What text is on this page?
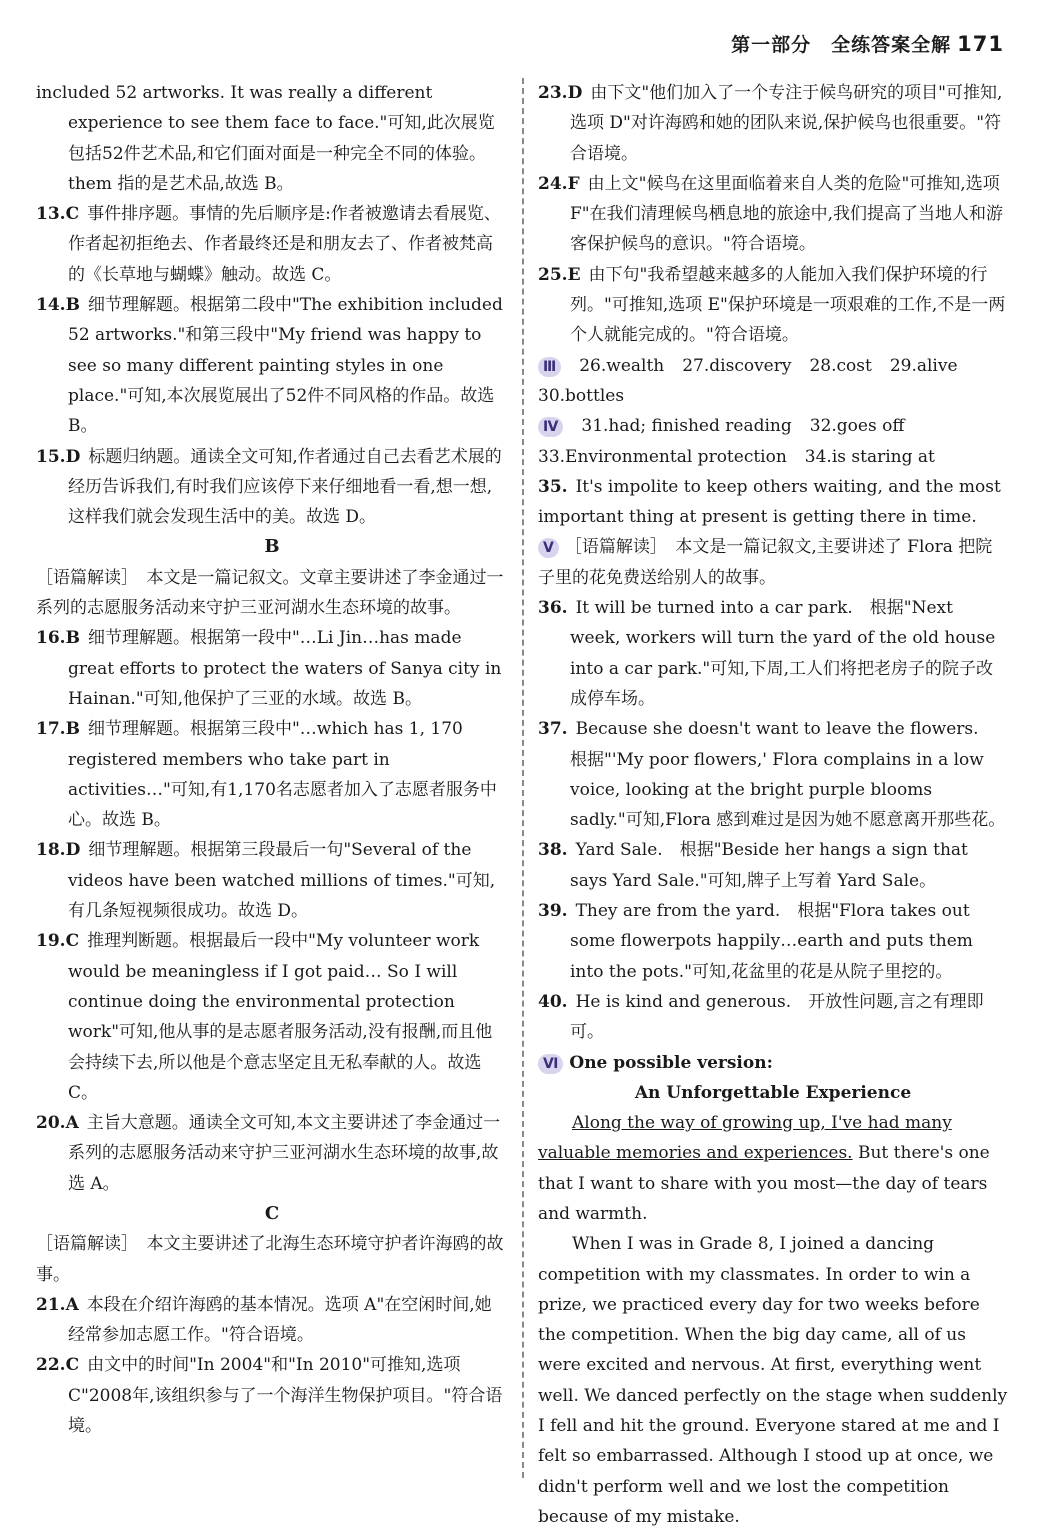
第一部分　全练答案全解 171
included 52 artworks. It was really a different experience to see them face to face."可知,此次展览包括52件艺术品,和它们面对面是一种完全不同的体验。them 指的是艺术品,故选 B。
13.C 事件排序题。事情的先后顺序是:作者被邀请去看展览、作者起初拒绝去、作者最终还是和朋友去了、作者被梵高的《长草地与蝴蝶》触动。故选 C。
14.B 细节理解题。根据第二段中"The exhibition included 52 artworks."和第三段中"My friend was happy to see so many different painting styles in one place."可知,本次展览展出了52件不同风格的作品。故选 B。
15.D 标题归纳题。通读全文可知,作者通过自己去看艺术展的经历告诉我们,有时我们应该停下来仔细地看一看,想一想,这样我们就会发现生活中的美。故选 D。
B
［语篇解读］　本文是一篇记叙文。文章主要讲述了李金通过一系列的志愿服务活动来守护三亚河湖水生态环境的故事。
16.B 细节理解题。根据第一段中"…Li Jin…has made great efforts to protect the waters of Sanya city in Hainan."可知,他保护了三亚的水域。故选 B。
17.B 细节理解题。根据第三段中"…which has 1, 170 registered members who take part in activities…"可知,有1,170名志愿者加入了志愿者服务中心。故选 B。
18.D 细节理解题。根据第三段最后一句"Several of the videos have been watched millions of times."可知,有几条短视频很成功。故选 D。
19.C 推理判断题。根据最后一段中"My volunteer work would be meaningless if I got paid… So I will continue doing the environmental protection work"可知,他从事的是志愿者服务活动,没有报酬,而且他会持续下去,所以他是个意志坚定且无私奉献的人。故选 C。
20.A 主旨大意题。通读全文可知,本文主要讲述了李金通过一系列的志愿服务活动来守护三亚河湖水生态环境的故事,故选 A。
C
［语篇解读］　本文主要讲述了北海生态环境守护者许海鸥的故事。
21.A 本段在介绍许海鸥的基本情况。选项 A"在空闲时间,她经常参加志愿工作。"符合语境。
22.C 由文中的时间"In 2004"和"In 2010"可推知,选项 C"2008年,该组织参与了一个海洋生物保护项目。"符合语境。
23.D 由下文"他们加入了一个专注于候鸟研究的项目"可推知,选项 D"对许海鸥和她的团队来说,保护候鸟也很重要。"符合语境。
24.F 由上文"候鸟在这里面临着来自人类的危险"可推知,选项 F"在我们清理候鸟栖息地的旅途中,我们提高了当地人和游客保护候鸟的意识。"符合语境。
25.E 由下句"我希望越来越多的人能加入我们保护环境的行列。"可推知,选项 E"保护环境是一项艰难的工作,不是一两个人就能完成的。"符合语境。
Ⅲ 26.wealth 27.discovery 28.cost 29.alive
30.bottles
Ⅳ 31.had; finished reading 32.goes off
33.Environmental protection 34.is staring at
35. It's impolite to keep others waiting, and the most important thing at present is getting there in time.
Ⅴ ［语篇解读］　本文是一篇记叙文,主要讲述了 Flora 把院子里的花免费送给别人的故事。
36. It will be turned into a car park.　根据"Next week, workers will turn the yard of the old house into a car park."可知,下周,工人们将把老房子的院子改成停车场。
37. Because she doesn't want to leave the flowers.　根据"'My poor flowers,' Flora complains in a low voice, looking at the bright purple blooms sadly."可知,Flora 感到难过是因为她不愿意离开那些花。
38. Yard Sale.　根据"Beside her hangs a sign that says Yard Sale."可知,牌子上写着 Yard Sale。
39. They are from the yard.　根据"Flora takes out some flowerpots happily…earth and puts them into the pots."可知,花盆里的花是从院子里挖的。
40. He is kind and generous.　开放性问题,言之有理即可。
Ⅵ One possible version:
An Unforgettable Experience
Along the way of growing up, I've had many valuable memories and experiences. But there's one that I want to share with you most—the day of tears and warmth.
When I was in Grade 8, I joined a dancing competition with my classmates. In order to win a prize, we practiced every day for two weeks before the competition. When the big day came, all of us were excited and nervous. At first, everything went well. We danced perfectly on the stage when suddenly I fell and hit the ground. Everyone stared at me and I felt so embarrassed. Although I stood up at once, we didn't perform well and we lost the competition because of my mistake.
